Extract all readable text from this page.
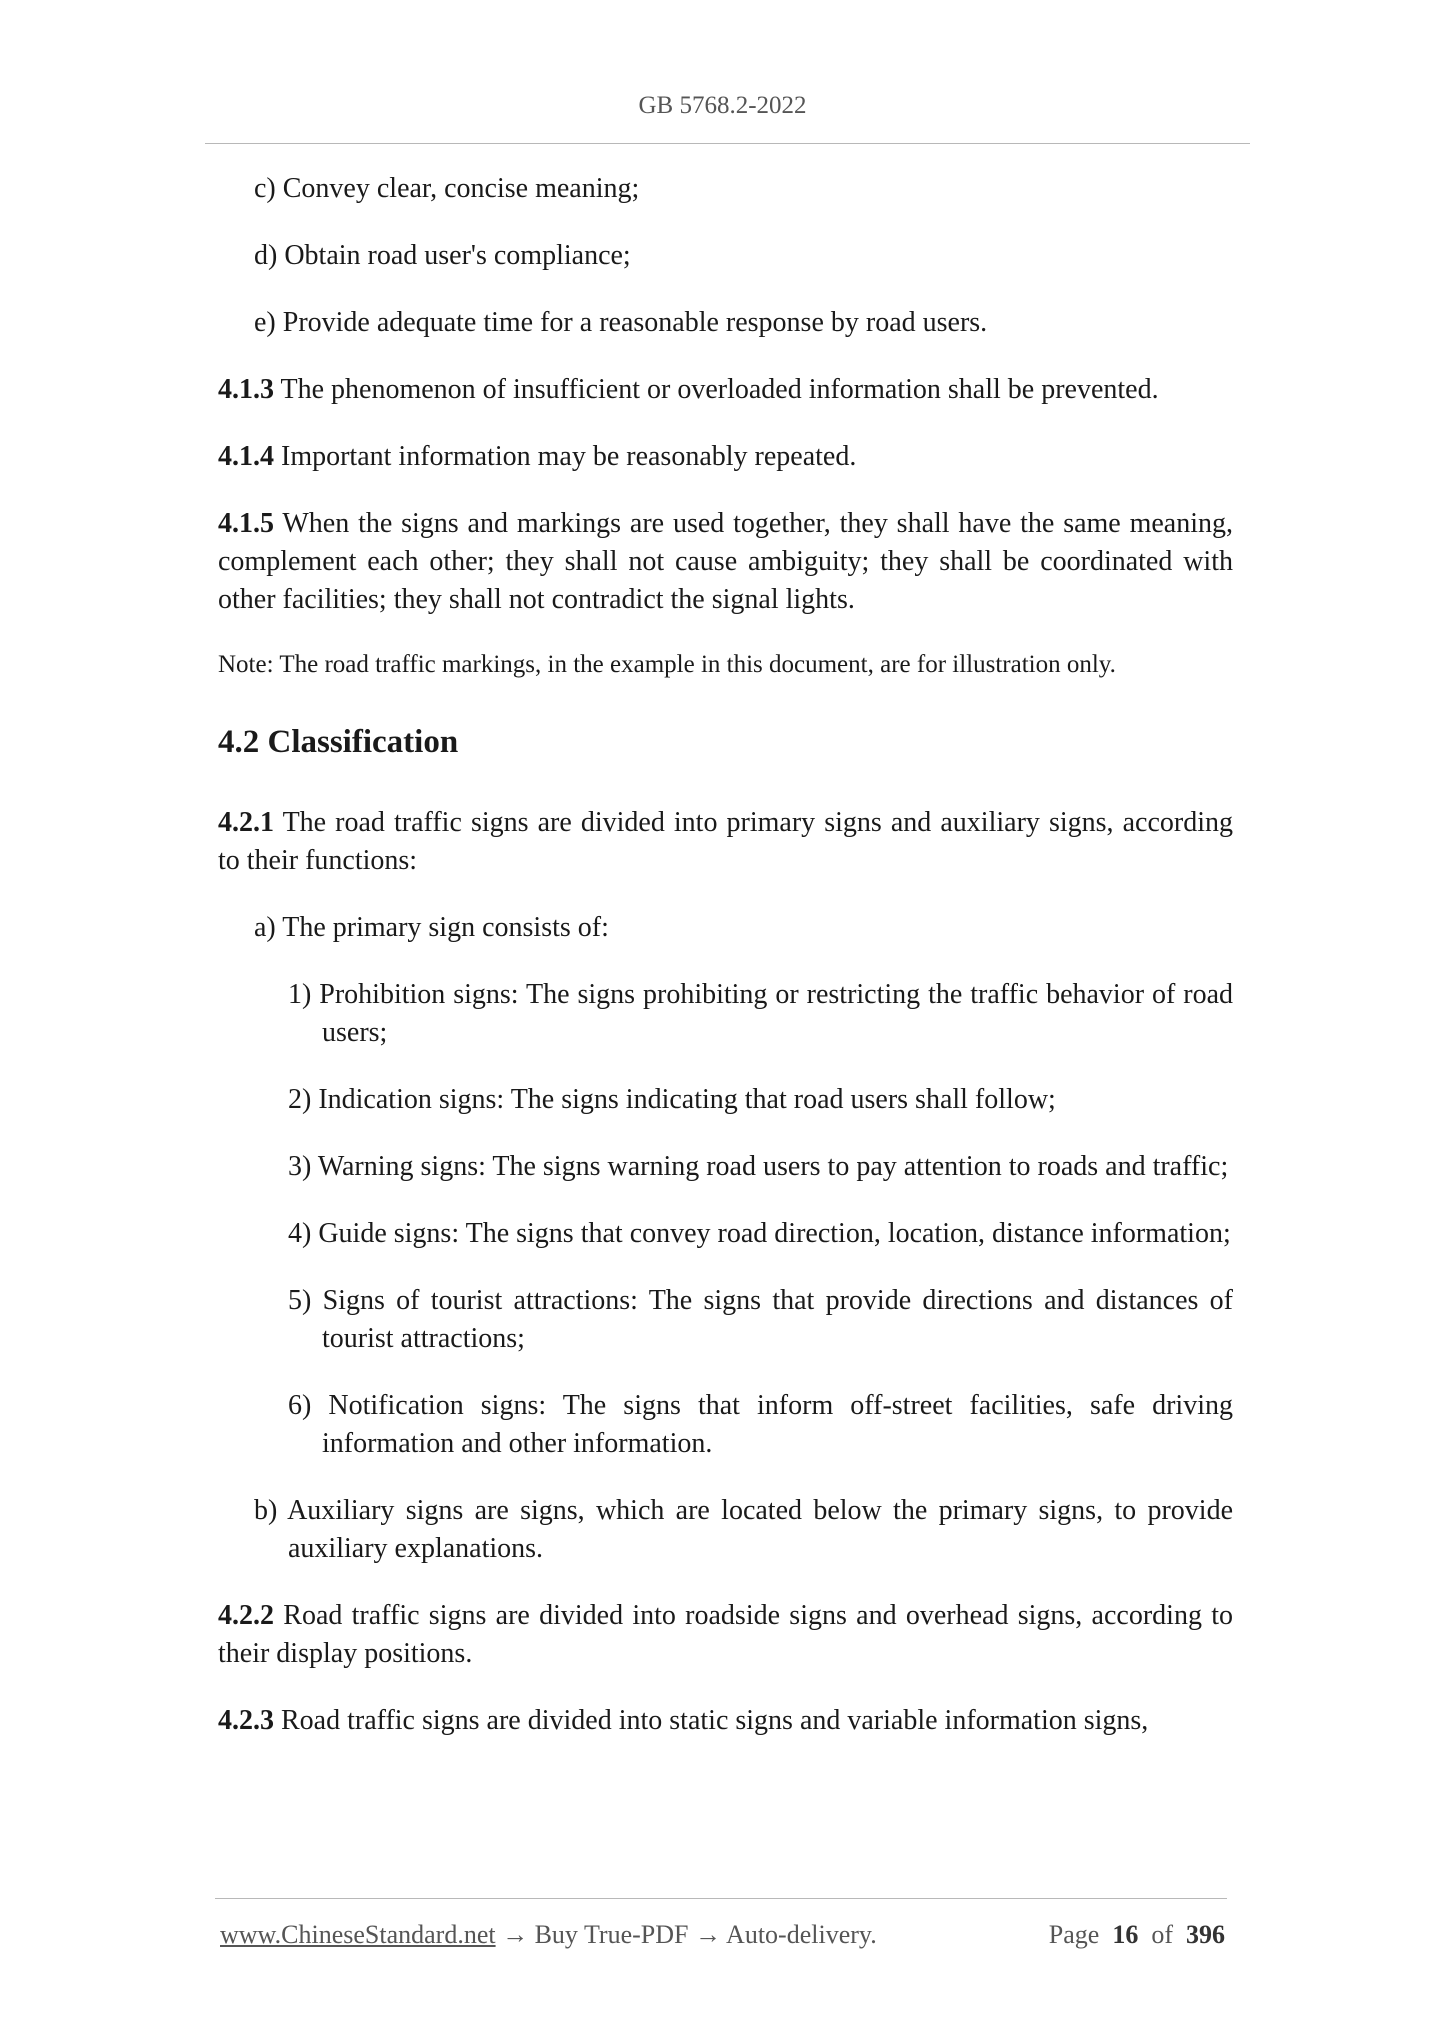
GB 5768.2-2022

c) Convey clear, concise meaning;

d) Obtain road user's compliance;

e) Provide adequate time for a reasonable response by road users.

4.1.3 The phenomenon of insufficient or overloaded information shall be prevented.

4.1.4 Important information may be reasonably repeated.

4.1.5 When the signs and markings are used together, they shall have the same meaning, complement each other; they shall not cause ambiguity; they shall be coordinated with other facilities; they shall not contradict the signal lights.

Note: The road traffic markings, in the example in this document, are for illustration only.

4.2 Classification

4.2.1 The road traffic signs are divided into primary signs and auxiliary signs, according to their functions:

a) The primary sign consists of:

1) Prohibition signs: The signs prohibiting or restricting the traffic behavior of road users;

2) Indication signs: The signs indicating that road users shall follow;

3) Warning signs: The signs warning road users to pay attention to roads and traffic;

4) Guide signs: The signs that convey road direction, location, distance information;

5) Signs of tourist attractions: The signs that provide directions and distances of tourist attractions;

6) Notification signs: The signs that inform off-street facilities, safe driving information and other information.

b) Auxiliary signs are signs, which are located below the primary signs, to provide auxiliary explanations.

4.2.2 Road traffic signs are divided into roadside signs and overhead signs, according to their display positions.

4.2.3 Road traffic signs are divided into static signs and variable information signs,

www.ChineseStandard.net → Buy True-PDF → Auto-delivery.	Page 16 of 396
